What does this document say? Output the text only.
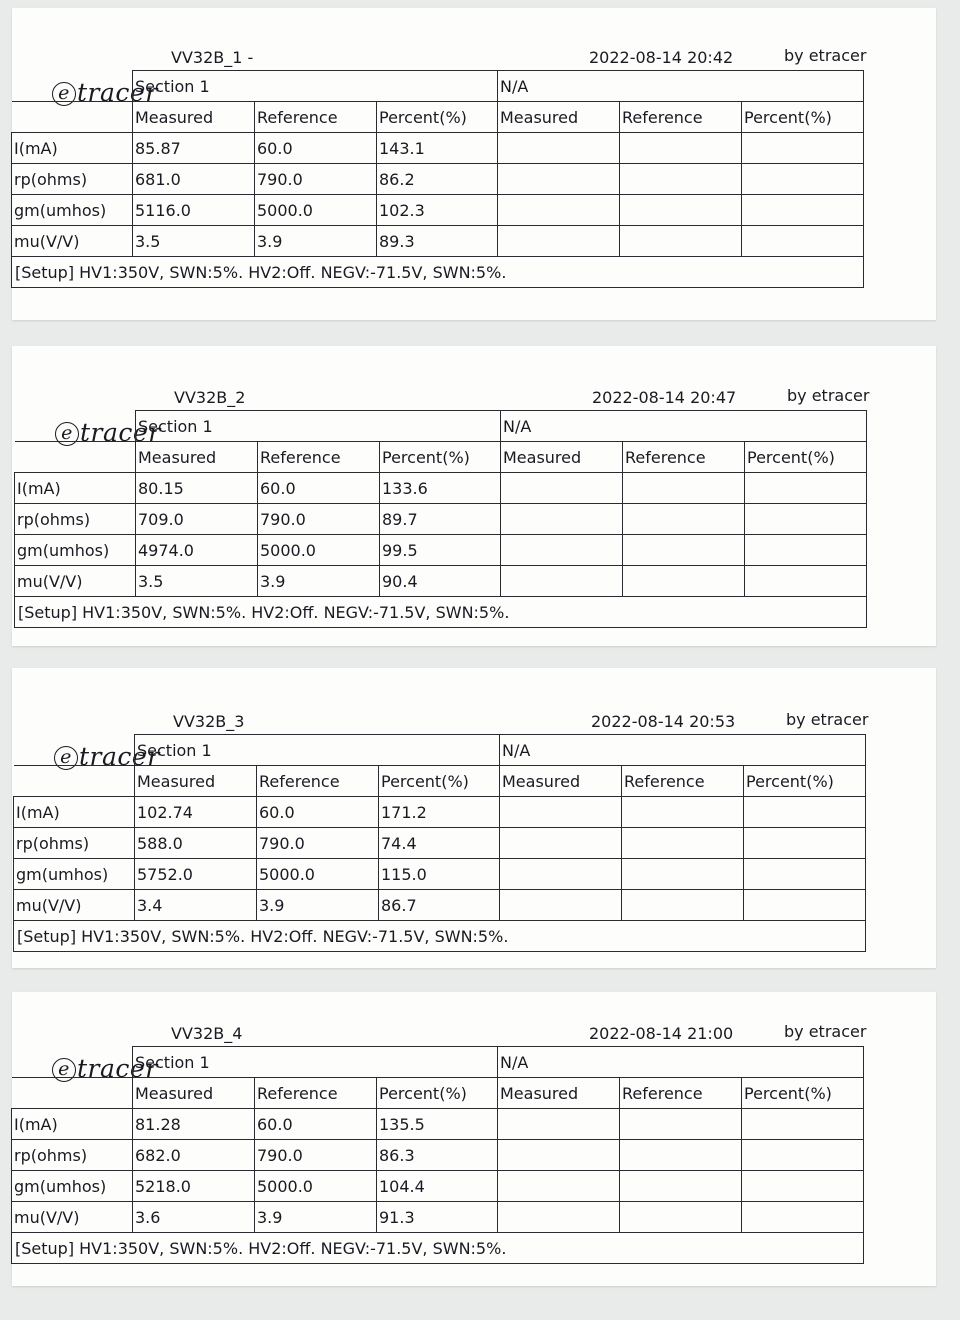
VV32B_1 -	2022-08-14 20:42	by etracer
e tracer
	Section 1			N/A		
	Measured	Reference	Percent(%)	Measured	Reference	Percent(%)
I(mA)	85.87	60.0	143.1			
rp(ohms)	681.0	790.0	86.2			
gm(umhos)	5116.0	5000.0	102.3			
mu(V/V)	3.5	3.9	89.3			
[Setup] HV1:350V, SWN:5%. HV2:Off. NEGV:-71.5V, SWN:5%.						
VV32B_2	2022-08-14 20:47	by etracer
e tracer
	Section 1			N/A		
	Measured	Reference	Percent(%)	Measured	Reference	Percent(%)
I(mA)	80.15	60.0	133.6			
rp(ohms)	709.0	790.0	89.7			
gm(umhos)	4974.0	5000.0	99.5			
mu(V/V)	3.5	3.9	90.4			
[Setup] HV1:350V, SWN:5%. HV2:Off. NEGV:-71.5V, SWN:5%.						
VV32B_3	2022-08-14 20:53	by etracer
e tracer
	Section 1			N/A		
	Measured	Reference	Percent(%)	Measured	Reference	Percent(%)
I(mA)	102.74	60.0	171.2			
rp(ohms)	588.0	790.0	74.4			
gm(umhos)	5752.0	5000.0	115.0			
mu(V/V)	3.4	3.9	86.7			
[Setup] HV1:350V, SWN:5%. HV2:Off. NEGV:-71.5V, SWN:5%.						
VV32B_4	2022-08-14 21:00	by etracer
e tracer
	Section 1			N/A		
	Measured	Reference	Percent(%)	Measured	Reference	Percent(%)
I(mA)	81.28	60.0	135.5			
rp(ohms)	682.0	790.0	86.3			
gm(umhos)	5218.0	5000.0	104.4			
mu(V/V)	3.6	3.9	91.3			
[Setup] HV1:350V, SWN:5%. HV2:Off. NEGV:-71.5V, SWN:5%.						
